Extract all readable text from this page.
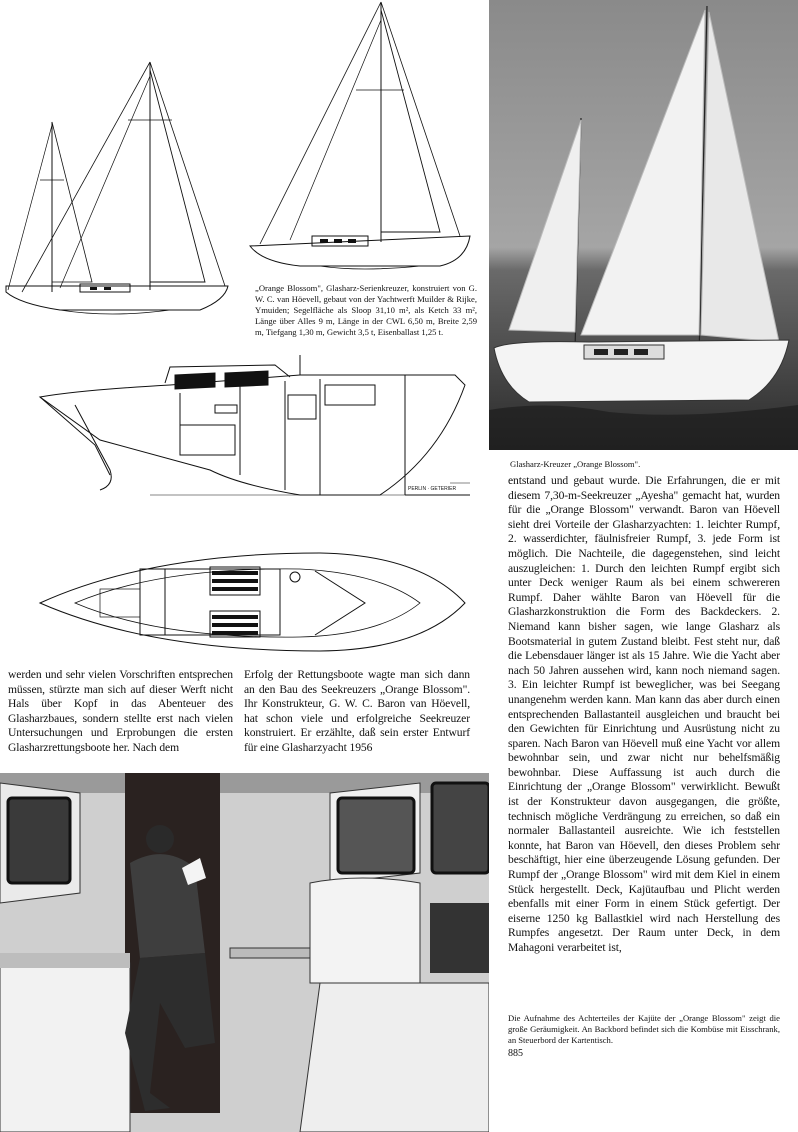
„Orange Blossom", Glasharz-Serienkreuzer, konstruiert von G. W. C. van Höevell, gebaut von der Yachtwerft Muilder & Rijke, Ymuiden; Segelfläche als Sloop 31,10 m², als Ketch 33 m², Länge über Alles 9 m, Länge in der CWL 6,50 m, Breite 2,59 m, Tiefgang 1,30 m, Gewicht 3,5 t, Eisenballast 1,25 t.
PERLIN · GETERIER
Glasharz-Kreuzer „Orange Blossom".
entstand und gebaut wurde. Die Erfahrungen, die er mit diesem 7,30-m-Seekreuzer „Ayesha" gemacht hat, wurden für die „Orange Blossom" verwandt. Baron van Höevell sieht drei Vorteile der Glasharzyachten: 1. leichter Rumpf, 2. wasserdichter, fäulnisfreier Rumpf, 3. jede Form ist möglich. Die Nachteile, die dagegenstehen, sind leicht auszugleichen: 1. Durch den leichten Rumpf ergibt sich unter Deck weniger Raum als bei einem schwereren Rumpf. Daher wählte Baron van Höevell für die Glasharzkonstruktion die Form des Backdeckers. 2. Niemand kann bisher sagen, wie lange Glasharz als Bootsmaterial in gutem Zustand bleibt. Fest steht nur, daß die Lebensdauer länger ist als 15 Jahre. Wie die Yacht aber nach 50 Jahren aussehen wird, kann noch niemand sagen. 3. Ein leichter Rumpf ist beweglicher, was bei Seegang unangenehm werden kann. Man kann das aber durch einen entsprechenden Ballastanteil ausgleichen und braucht bei den Gewichten für Einrichtung und Ausrüstung nicht zu sparen. Nach Baron van Höevell muß eine Yacht vor allem bewohnbar sein, und zwar nicht nur behelfsmäßig bewohnbar. Diese Auffassung ist auch durch die Einrichtung der „Orange Blossom" verwirklicht. Bewußt ist der Konstrukteur davon ausgegangen, die größte, technisch mögliche Verdrängung zu erreichen, so daß ein normaler Ballastanteil ausreichte. Wie ich feststellen konnte, hat Baron van Höevell, den dieses Problem sehr beschäftigt, hier eine überzeugende Lösung gefunden. Der Rumpf der „Orange Blossom" wird mit dem Kiel in einem Stück hergestellt. Deck, Kajütaufbau und Plicht werden ebenfalls mit einer Form in einem Stück gefertigt. Der eiserne 1250 kg Ballastkiel wird nach Herstellung des Rumpfes angesetzt. Der Raum unter Deck, in dem Mahagoni verarbeitet ist,
werden und sehr vielen Vorschriften entsprechen müssen, stürzte man sich auf dieser Werft nicht Hals über Kopf in das Abenteuer des Glasharzbaues, sondern stellte erst nach vielen Untersuchungen und Erprobungen die ersten Glasharzrettungsboote her. Nach dem
Erfolg der Rettungsboote wagte man sich dann an den Bau des Seekreuzers „Orange Blossom". Ihr Konstrukteur, G. W. C. Baron van Höevell, hat schon viele und erfolgreiche Seekreuzer konstruiert. Er erzählte, daß sein erster Entwurf für eine Glasharzyacht 1956
Die Aufnahme des Achterteiles der Kajüte der „Orange Blossom" zeigt die große Geräumigkeit. An Backbord befindet sich die Kombüse mit Eisschrank, an Steuerbord der Kartentisch.
885
